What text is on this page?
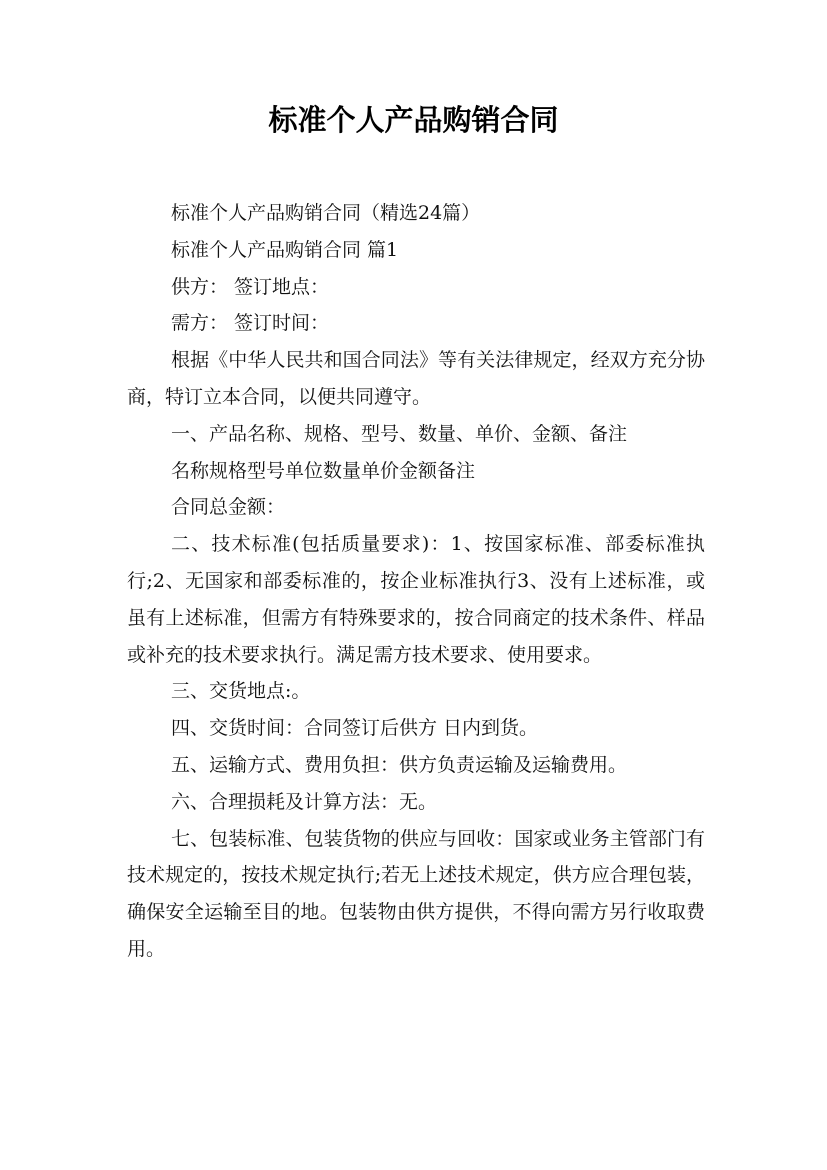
标准个人产品购销合同

标准个人产品购销合同（精选24篇）

标准个人产品购销合同 篇1

供方： 签订地点：

需方： 签订时间：

根据《中华人民共和国合同法》等有关法律规定，经双方充分协商，特订立本合同，以便共同遵守。

一、产品名称、规格、型号、数量、单价、金额、备注

名称规格型号单位数量单价金额备注

合同总金额：

二、技术标准(包括质量要求)：1、按国家标准、部委标准执行;2、无国家和部委标准的，按企业标准执行3、没有上述标准，或虽有上述标准，但需方有特殊要求的，按合同商定的技术条件、样品或补充的技术要求执行。满足需方技术要求、使用要求。

三、交货地点:。

四、交货时间：合同签订后供方 日内到货。

五、运输方式、费用负担：供方负责运输及运输费用。

六、合理损耗及计算方法：无。

七、包装标准、包装货物的供应与回收：国家或业务主管部门有技术规定的，按技术规定执行;若无上述技术规定，供方应合理包装，确保安全运输至目的地。包装物由供方提供，不得向需方另行收取费用。
